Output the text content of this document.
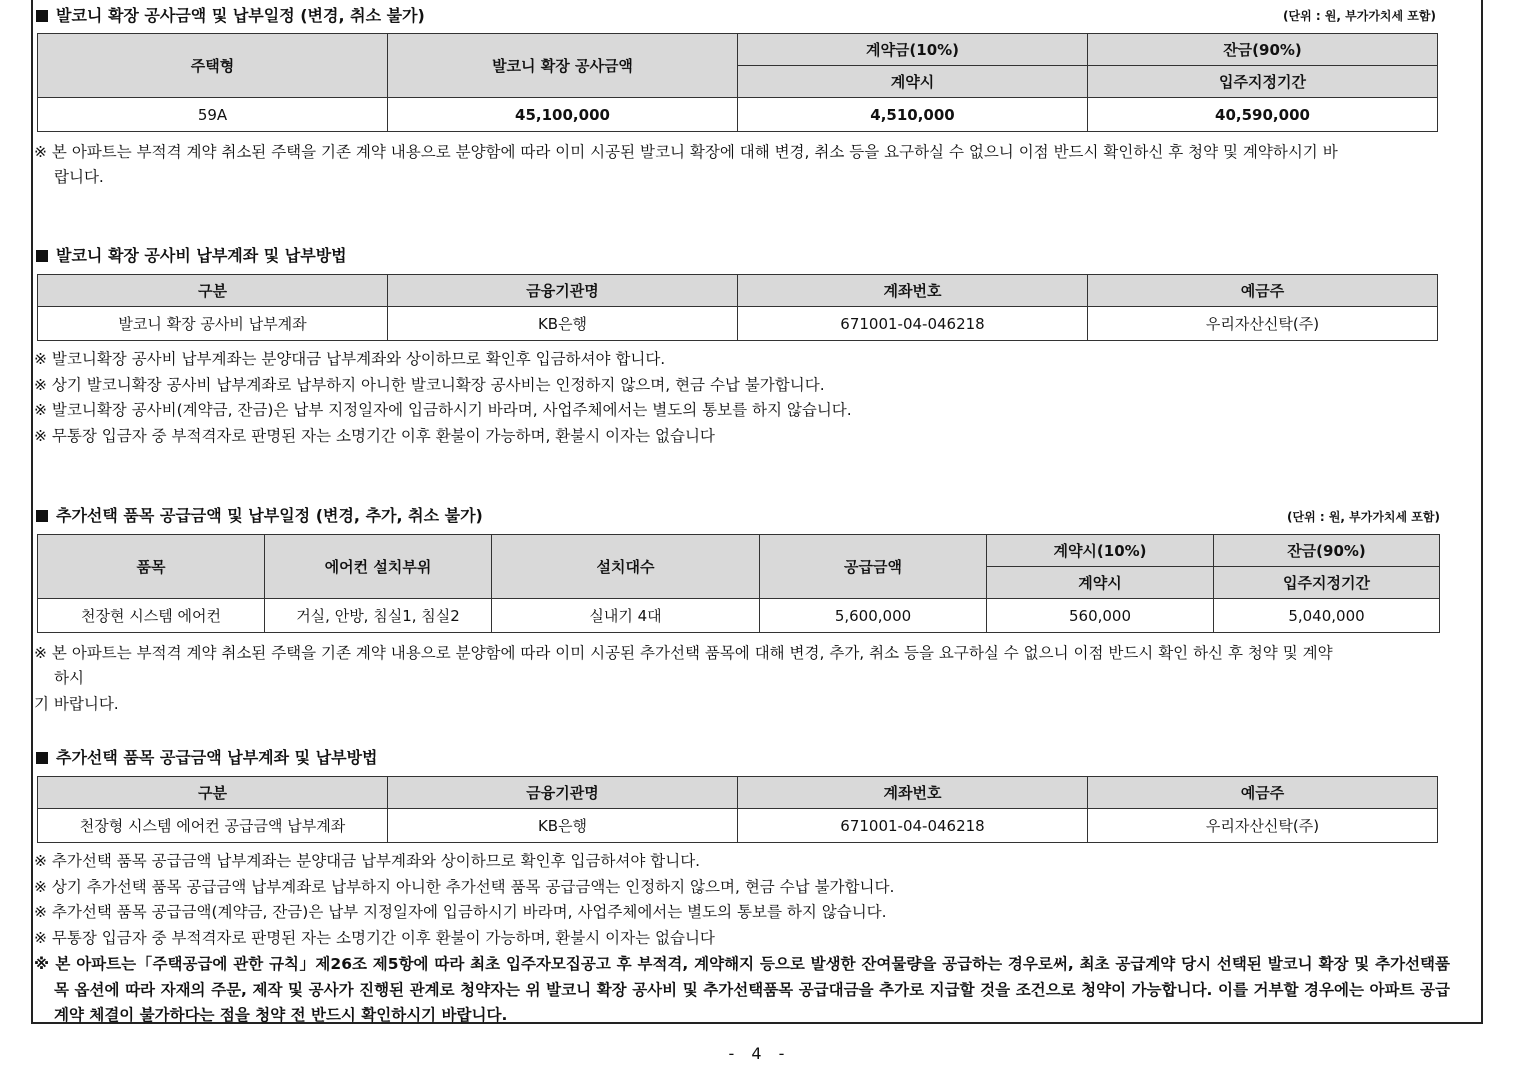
발코니 확장 공사금액 및 납부일정 (변경, 취소 불가)	(단위 : 원, 부가가치세 포함)
주택형	발코니 확장 공사금액	계약금(10%)	잔금(90%)
		계약시	입주지정기간
59A	45,100,000	4,510,000	40,590,000
※ 본 아파트는 부적격 계약 취소된 주택을 기존 계약 내용으로 분양함에 따라 이미 시공된 발코니 확장에 대해 변경, 취소 등을 요구하실 수 없으니 이점 반드시 확인하신 후 청약 및 계약하시기 바
랍니다.
발코니 확장 공사비 납부계좌 및 납부방법
구분	금융기관명	계좌번호	예금주
발코니 확장 공사비 납부계좌	KB은행	671001-04-046218	우리자산신탁(주)
※ 발코니확장 공사비 납부계좌는 분양대금 납부계좌와 상이하므로 확인후 입금하셔야 합니다.
※ 상기 발코니확장 공사비 납부계좌로 납부하지 아니한 발코니확장 공사비는 인정하지 않으며, 현금 수납 불가합니다.
※ 발코니확장 공사비(계약금, 잔금)은 납부 지정일자에 입금하시기 바라며, 사업주체에서는 별도의 통보를 하지 않습니다.
※ 무통장 입금자 중 부적격자로 판명된 자는 소명기간 이후 환불이 가능하며, 환불시 이자는 없습니다
추가선택 품목 공급금액 및 납부일정 (변경, 추가, 취소 불가)	(단위 : 원, 부가가치세 포함)
품목	에어컨 설치부위	설치대수	공급금액	계약시(10%)	잔금(90%)
				계약시	입주지정기간
천장현 시스템 에어컨	거실, 안방, 침실1, 침실2	실내기 4대	5,600,000	560,000	5,040,000
※ 본 아파트는 부적격 계약 취소된 주택을 기존 계약 내용으로 분양함에 따라 이미 시공된 추가선택 품목에 대해 변경, 추가, 취소 등을 요구하실 수 없으니 이점 반드시 확인 하신 후 청약 및 계약
하시
기 바랍니다.
추가선택 품목 공급금액 납부계좌 및 납부방법
구분	금융기관명	계좌번호	예금주
천장형 시스템 에어컨 공급금액 납부계좌	KB은행	671001-04-046218	우리자산신탁(주)
※ 추가선택 품목 공급금액 납부계좌는 분양대금 납부계좌와 상이하므로 확인후 입금하셔야 합니다.
※ 상기 추가선택 품목 공급금액 납부계좌로 납부하지 아니한 추가선택 품목 공급금액는 인정하지 않으며, 현금 수납 불가합니다.
※ 추가선택 품목 공급금액(계약금, 잔금)은 납부 지정일자에 입금하시기 바라며, 사업주체에서는 별도의 통보를 하지 않습니다.
※ 무통장 입금자 중 부적격자로 판명된 자는 소명기간 이후 환불이 가능하며, 환불시 이자는 없습니다
※ 본 아파트는「주택공급에 관한 규칙」제26조 제5항에 따라 최초 입주자모집공고 후 부적격, 계약해지 등으로 발생한 잔여물량을 공급하는 경우로써, 최초 공급계약 당시 선택된 발코니 확장 및 추가선택품목 옵션에 따라 자재의 주문, 제작 및 공사가 진행된 관계로 청약자는 위 발코니 확장 공사비 및 추가선택품목 공급대금을 추가로 지급할 것을 조건으로 청약이 가능합니다. 이를 거부할 경우에는 아파트 공급계약 체결이 불가하다는 점을 청약 전 반드시 확인하시기 바랍니다.
- 4 -
